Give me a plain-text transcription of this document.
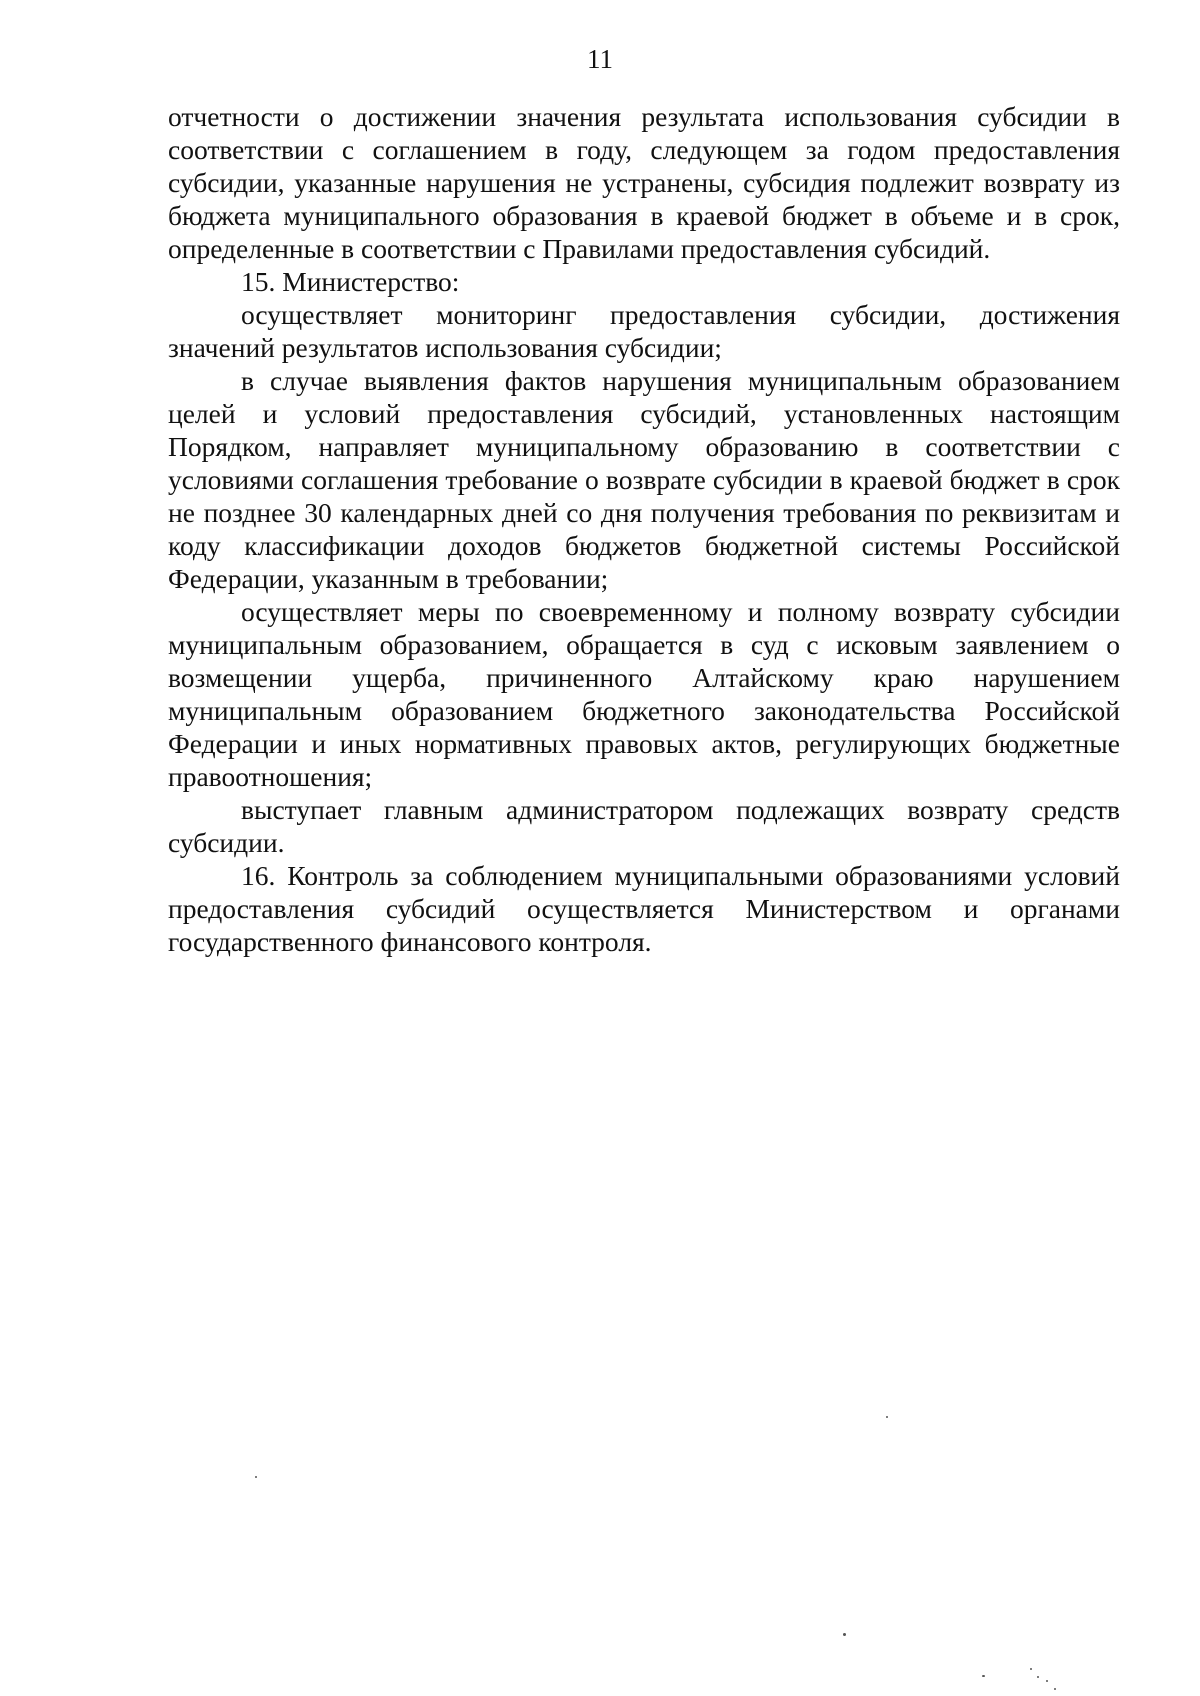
11

отчетности о достижении значения результата использования субсидии в соответствии с соглашением в году, следующем за годом предоставления субсидии, указанные нарушения не устранены, субсидия подлежит возврату из бюджета муниципального образования в краевой бюджет в объеме и в срок, определенные в соответствии с Правилами предоставления субсидий.

15. Министерство:

осуществляет мониторинг предоставления субсидии, достижения значений результатов использования субсидии;

в случае выявления фактов нарушения муниципальным образованием целей и условий предоставления субсидий, установленных настоящим Порядком, направляет муниципальному образованию в соответствии с условиями соглашения требование о возврате субсидии в краевой бюджет в срок не позднее 30 календарных дней со дня получения требования по реквизитам и коду классификации доходов бюджетов бюджетной системы Российской Федерации, указанным в требовании;

осуществляет меры по своевременному и полному возврату субсидии муниципальным образованием, обращается в суд с исковым заявлением о возмещении ущерба, причиненного Алтайскому краю нарушением муниципальным образованием бюджетного законодательства Российской Федерации и иных нормативных правовых актов, регулирующих бюджетные правоотношения;

выступает главным администратором подлежащих возврату средств субсидии.

16. Контроль за соблюдением муниципальными образованиями условий предоставления субсидий осуществляется Министерством и органами государственного финансового контроля.
